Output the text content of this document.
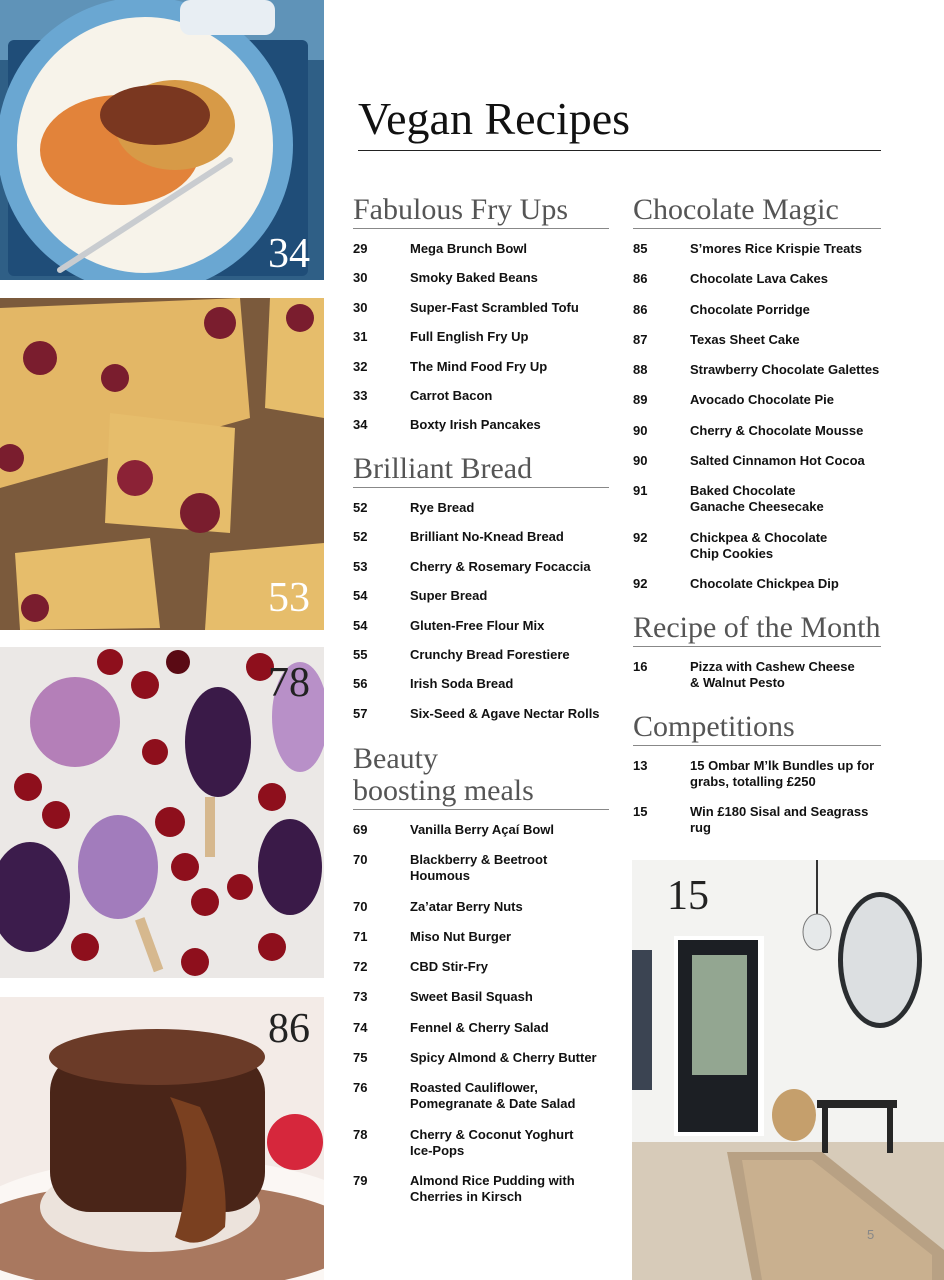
34
53
78
86
15
Vegan Recipes
Fabulous Fry Ups
29	Mega Brunch Bowl
30	Smoky Baked Beans
30	Super-Fast Scrambled Tofu
31	Full English Fry Up
32	The Mind Food Fry Up
33	Carrot Bacon
34	Boxty Irish Pancakes
Brilliant Bread
52	Rye Bread
52	Brilliant No-Knead Bread
53	Cherry & Rosemary Focaccia
54	Super Bread
54	Gluten-Free Flour Mix
55	Crunchy Bread Forestiere
56	Irish Soda Bread
57	Six-Seed & Agave Nectar Rolls
Beauty
boosting meals
69	Vanilla Berry Açaí Bowl
70	Blackberry & Beetroot Houmous
70	Za’atar Berry Nuts
71	Miso Nut Burger
72	CBD Stir-Fry
73	Sweet Basil Squash
74	Fennel & Cherry Salad
75	Spicy Almond & Cherry Butter
76	Roasted Cauliflower,
Pomegranate & Date Salad
78	Cherry & Coconut Yoghurt
Ice-Pops
79	Almond Rice Pudding with
Cherries in Kirsch
Chocolate Magic
85	S’mores Rice Krispie Treats
86	Chocolate Lava Cakes
86	Chocolate Porridge
87	Texas Sheet Cake
88	Strawberry Chocolate Galettes
89	Avocado Chocolate Pie
90	Cherry & Chocolate Mousse
90	Salted Cinnamon Hot Cocoa
91	Baked Chocolate
Ganache Cheesecake
92	Chickpea & Chocolate
Chip Cookies
92	Chocolate Chickpea Dip
Recipe of the Month
16	Pizza with Cashew Cheese
& Walnut Pesto
Competitions
13	15 Ombar M’lk Bundles up for
grabs, totalling £250
15	Win £180 Sisal and Seagrass rug
5
